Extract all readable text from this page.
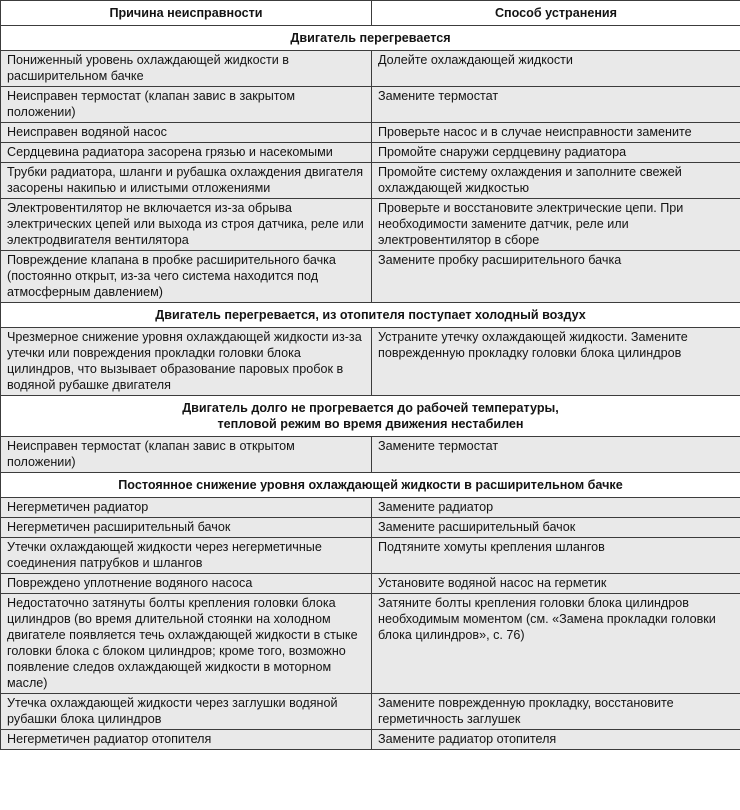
Причина неисправности	Способ устранения
Двигатель перегревается	
Пониженный уровень охлаждающей жидкости в расширительном бачке	Долейте охлаждающей жидкости
Неисправен термостат (клапан завис в закрытом положении)	Замените термостат
Неисправен водяной насос	Проверьте насос и в случае неисправности замените
Сердцевина радиатора засорена грязью и насекомыми	Промойте снаружи сердцевину радиатора
Трубки радиатора, шланги и рубашка охлаждения двигателя засорены накипью и илистыми отложениями	Промойте систему охлаждения и заполните свежей охлаждающей жидкостью
Электровентилятор не включается из-за обрыва электрических цепей или выхода из строя датчика, реле или электродвигателя вентилятора	Проверьте и восстановите электрические цепи. При необходимости замените датчик, реле или электровентилятор в сборе
Повреждение клапана в пробке расширительного бачка (постоянно открыт, из-за чего система находится под атмосферным давлением)	Замените пробку расширительного бачка
Двигатель перегревается, из отопителя поступает холодный воздух	
Чрезмерное снижение уровня охлаждающей жидкости из-за утечки или повреждения прокладки головки блока цилиндров, что вызывает образование паровых пробок в водяной рубашке двигателя	Устраните утечку охлаждающей жидкости. Замените поврежденную прокладку головки блока цилиндров
Двигатель долго не прогревается до рабочей температуры,
тепловой режим во время движения нестабилен	
Неисправен термостат (клапан завис в открытом положении)	Замените термостат
Постоянное снижение уровня охлаждающей жидкости в расширительном бачке	
Негерметичен радиатор	Замените радиатор
Негерметичен расширительный бачок	Замените расширительный бачок
Утечки охлаждающей жидкости через негерметичные соединения патрубков и шлангов	Подтяните хомуты крепления шлангов
Повреждено уплотнение водяного насоса	Установите водяной насос на герметик
Недостаточно затянуты болты крепления головки блока цилиндров (во время длительной стоянки на холодном двигателе появляется течь охлаждающей жидкости в стыке головки блока с блоком цилиндров; кроме того, возможно появление следов охлаждающей жидкости в моторном масле)	Затяните болты крепления головки блока цилиндров необходимым моментом (см. «Замена прокладки головки блока цилиндров», с. 76)
Утечка охлаждающей жидкости через заглушки водяной рубашки блока цилиндров	Замените поврежденную прокладку, восстановите герметичность заглушек
Негерметичен радиатор отопителя	Замените радиатор отопителя
